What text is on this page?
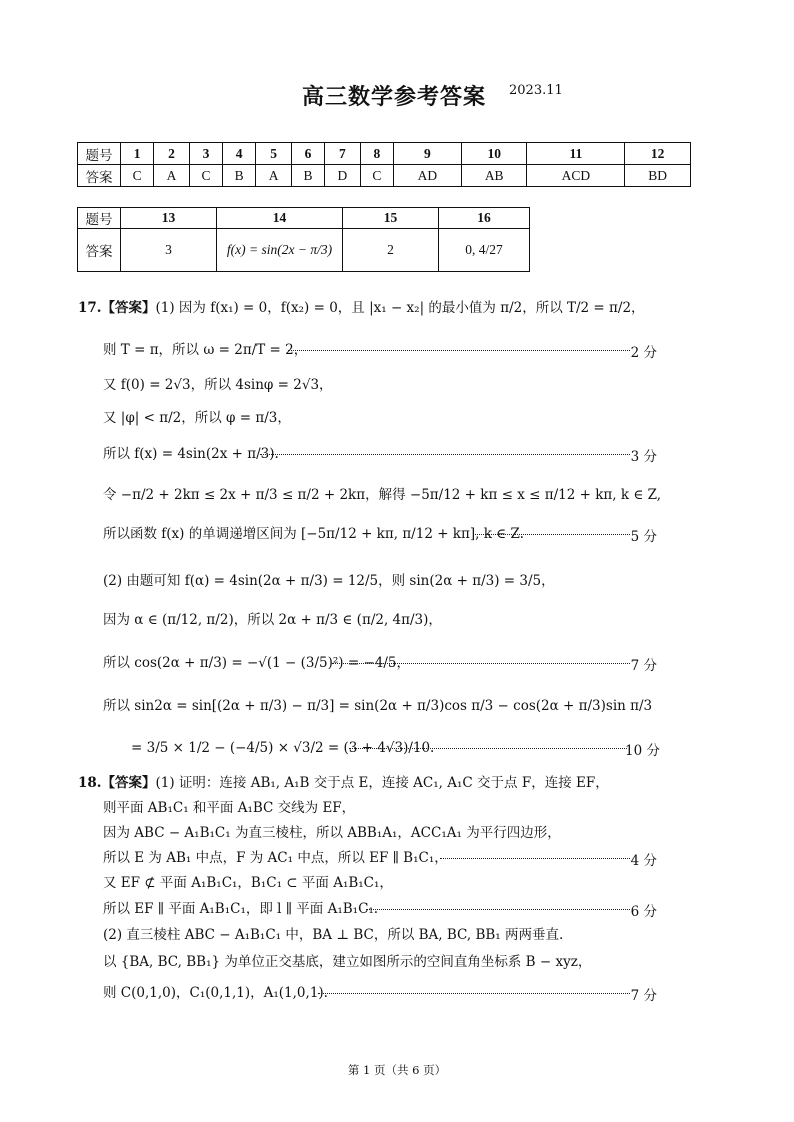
高三数学参考答案 2023.11
题号	1	2	3	4	5	6	7	8	9	10	11	12
答案	C	A	C	B	A	B	D	C	AD	AB	ACD	BD
题号	13	14	15	16
答案	3	f(x) = sin(2x − π/3)	2	0, 4/27
17.【答案】(1) 因为 f(x₁) = 0，f(x₂) = 0，且 |x₁ − x₂| 的最小值为 π/2，所以 T/2 = π/2，
则 T = π，所以 ω = 2π/T = 2，	2 分
又 f(0) = 2√3，所以 4sinφ = 2√3，
又 |φ| < π/2，所以 φ = π/3，
所以 f(x) = 4sin(2x + π/3).	3 分
令 −π/2 + 2kπ ≤ 2x + π/3 ≤ π/2 + 2kπ，解得 −5π/12 + kπ ≤ x ≤ π/12 + kπ, k ∈ Z,
所以函数 f(x) 的单调递增区间为 [−5π/12 + kπ, π/12 + kπ], k ∈ Z.	5 分
(2) 由题可知 f(α) = 4sin(2α + π/3) = 12/5，则 sin(2α + π/3) = 3/5，
因为 α ∈ (π/12, π/2)，所以 2α + π/3 ∈ (π/2, 4π/3)，
所以 cos(2α + π/3) = −√(1 − (3/5)²) = −4/5，	7 分
所以 sin2α = sin[(2α + π/3) − π/3] = sin(2α + π/3)cos π/3 − cos(2α + π/3)sin π/3
= 3/5 × 1/2 − (−4/5) × √3/2 = (3 + 4√3)/10.	10 分
18.【答案】(1) 证明：连接 AB₁, A₁B 交于点 E，连接 AC₁, A₁C 交于点 F，连接 EF，
则平面 AB₁C₁ 和平面 A₁BC 交线为 EF，
因为 ABC − A₁B₁C₁ 为直三棱柱，所以 ABB₁A₁，ACC₁A₁ 为平行四边形，
所以 E 为 AB₁ 中点，F 为 AC₁ 中点，所以 EF ∥ B₁C₁，	4 分
又 EF ⊄ 平面 A₁B₁C₁，B₁C₁ ⊂ 平面 A₁B₁C₁，
所以 EF ∥ 平面 A₁B₁C₁，即 l ∥ 平面 A₁B₁C₁.	6 分
(2) 直三棱柱 ABC − A₁B₁C₁ 中，BA ⊥ BC，所以 BA, BC, BB₁ 两两垂直.
以 {BA, BC, BB₁} 为单位正交基底，建立如图所示的空间直角坐标系 B − xyz，
则 C(0,1,0)，C₁(0,1,1)，A₁(1,0,1).	7 分
第 1 页（共 6 页）
